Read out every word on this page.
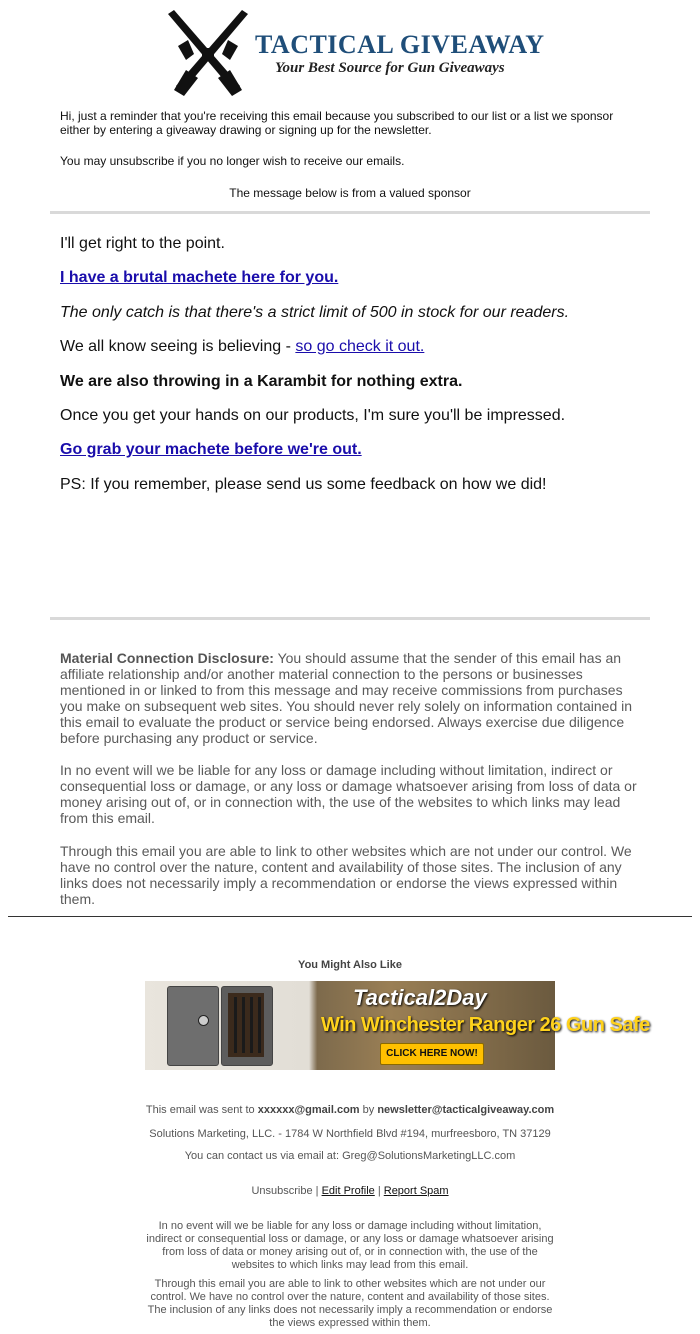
TACTICAL GIVEAWAY
Your Best Source for Gun Giveaways
Hi, just a reminder that you're receiving this email because you subscribed to our list or a list we sponsor either by entering a giveaway drawing or signing up for the newsletter.
You may unsubscribe if you no longer wish to receive our emails.
The message below is from a valued sponsor
I'll get right to the point.
I have a brutal machete here for you.
The only catch is that there's a strict limit of 500 in stock for our readers.
We all know seeing is believing - so go check it out.
We are also throwing in a Karambit for nothing extra.
Once you get your hands on our products, I'm sure you'll be impressed.
Go grab your machete before we're out.
PS: If you remember, please send us some feedback on how we did!
Material Connection Disclosure: You should assume that the sender of this email has an affiliate relationship and/or another material connection to the persons or businesses mentioned in or linked to from this message and may receive commissions from purchases you make on subsequent web sites. You should never rely solely on information contained in this email to evaluate the product or service being endorsed. Always exercise due diligence before purchasing any product or service.
In no event will we be liable for any loss or damage including without limitation, indirect or consequential loss or damage, or any loss or damage whatsoever arising from loss of data or money arising out of, or in connection with, the use of the websites to which links may lead from this email.
Through this email you are able to link to other websites which are not under our control. We have no control over the nature, content and availability of those sites. The inclusion of any links does not necessarily imply a recommendation or endorse the views expressed within them.
You Might Also Like
Tactical2Day
Win Winchester Ranger 26 Gun Safe
CLICK HERE NOW!
This email was sent to xxxxxx@gmail.com by newsletter@tacticalgiveaway.com
Solutions Marketing, LLC. - 1784 W Northfield Blvd #194, murfreesboro, TN 37129
You can contact us via email at: Greg@SolutionsMarketingLLC.com
Unsubscribe | Edit Profile | Report Spam
In no event will we be liable for any loss or damage including without limitation, indirect or consequential loss or damage, or any loss or damage whatsoever arising from loss of data or money arising out of, or in connection with, the use of the websites to which links may lead from this email.
Through this email you are able to link to other websites which are not under our control. We have no control over the nature, content and availability of those sites. The inclusion of any links does not necessarily imply a recommendation or endorse the views expressed within them.
